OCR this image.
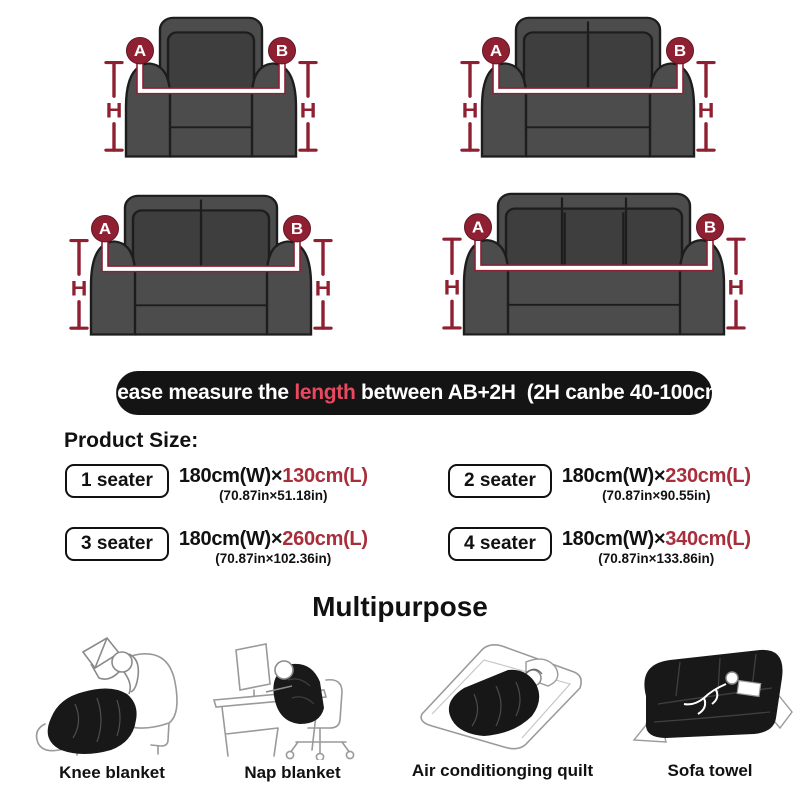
H	H
A	B
H	H
A	B
H	H
A	B
H	H
A	B
Please measure the length between AB+2H  (2H canbe 40-100cm)
Product Size:
1 seater	180cm(W)×130cm(L)
(70.87in×51.18in)
2 seater	180cm(W)×230cm(L)
(70.87in×90.55in)
3 seater	180cm(W)×260cm(L)
(70.87in×102.36in)
4 seater	180cm(W)×340cm(L)
(70.87in×133.86in)
Multipurpose
Knee blanket	Nap blanket	Air conditionging quilt	Sofa towel
